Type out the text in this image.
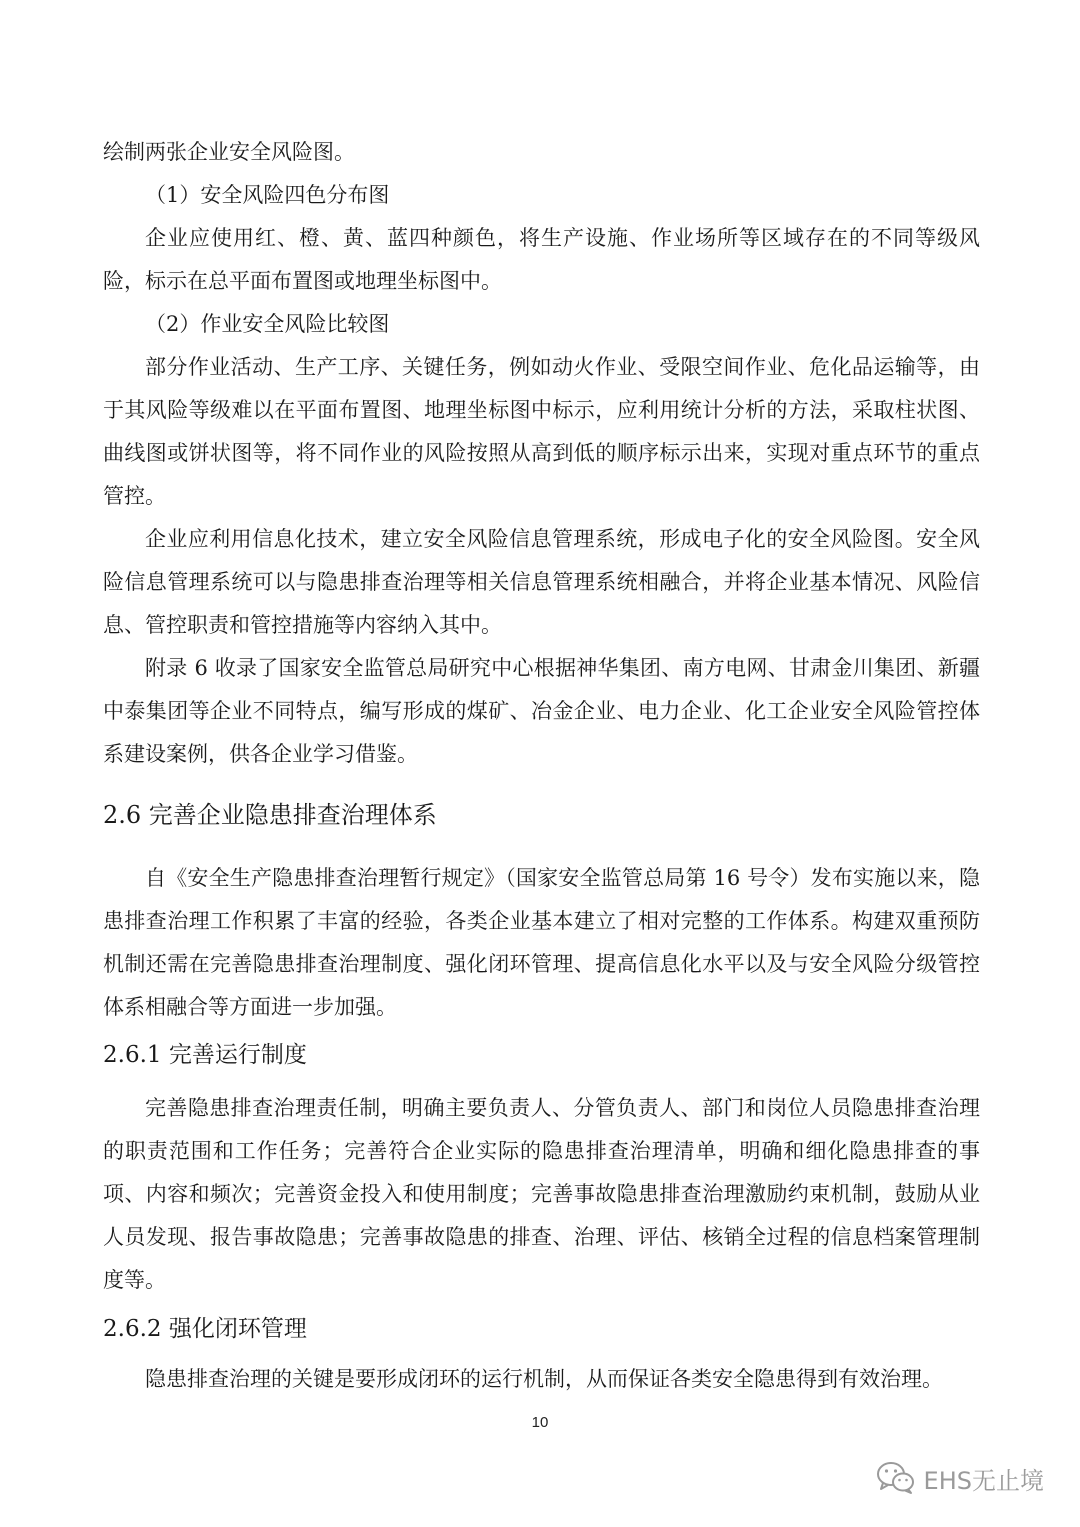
绘制两张企业安全风险图。

（1）安全风险四色分布图

企业应使用红、橙、黄、蓝四种颜色，将生产设施、作业场所等区域存在的不同等级风险，标示在总平面布置图或地理坐标图中。

（2）作业安全风险比较图

部分作业活动、生产工序、关键任务，例如动火作业、受限空间作业、危化品运输等，由于其风险等级难以在平面布置图、地理坐标图中标示，应利用统计分析的方法，采取柱状图、曲线图或饼状图等，将不同作业的风险按照从高到低的顺序标示出来，实现对重点环节的重点管控。

企业应利用信息化技术，建立安全风险信息管理系统，形成电子化的安全风险图。安全风险信息管理系统可以与隐患排查治理等相关信息管理系统相融合，并将企业基本情况、风险信息、管控职责和管控措施等内容纳入其中。

附录 6 收录了国家安全监管总局研究中心根据神华集团、南方电网、甘肃金川集团、新疆中泰集团等企业不同特点，编写形成的煤矿、冶金企业、电力企业、化工企业安全风险管控体系建设案例，供各企业学习借鉴。

2.6 完善企业隐患排查治理体系

自《安全生产隐患排查治理暂行规定》（国家安全监管总局第 16 号令）发布实施以来，隐患排查治理工作积累了丰富的经验，各类企业基本建立了相对完整的工作体系。构建双重预防机制还需在完善隐患排查治理制度、强化闭环管理、提高信息化水平以及与安全风险分级管控体系相融合等方面进一步加强。

2.6.1 完善运行制度

完善隐患排查治理责任制，明确主要负责人、分管负责人、部门和岗位人员隐患排查治理的职责范围和工作任务；完善符合企业实际的隐患排查治理清单，明确和细化隐患排查的事项、内容和频次；完善资金投入和使用制度；完善事故隐患排查治理激励约束机制，鼓励从业人员发现、报告事故隐患；完善事故隐患的排查、治理、评估、核销全过程的信息档案管理制度等。

2.6.2 强化闭环管理

隐患排查治理的关键是要形成闭环的运行机制，从而保证各类安全隐患得到有效治理。

10
EHS无止境
